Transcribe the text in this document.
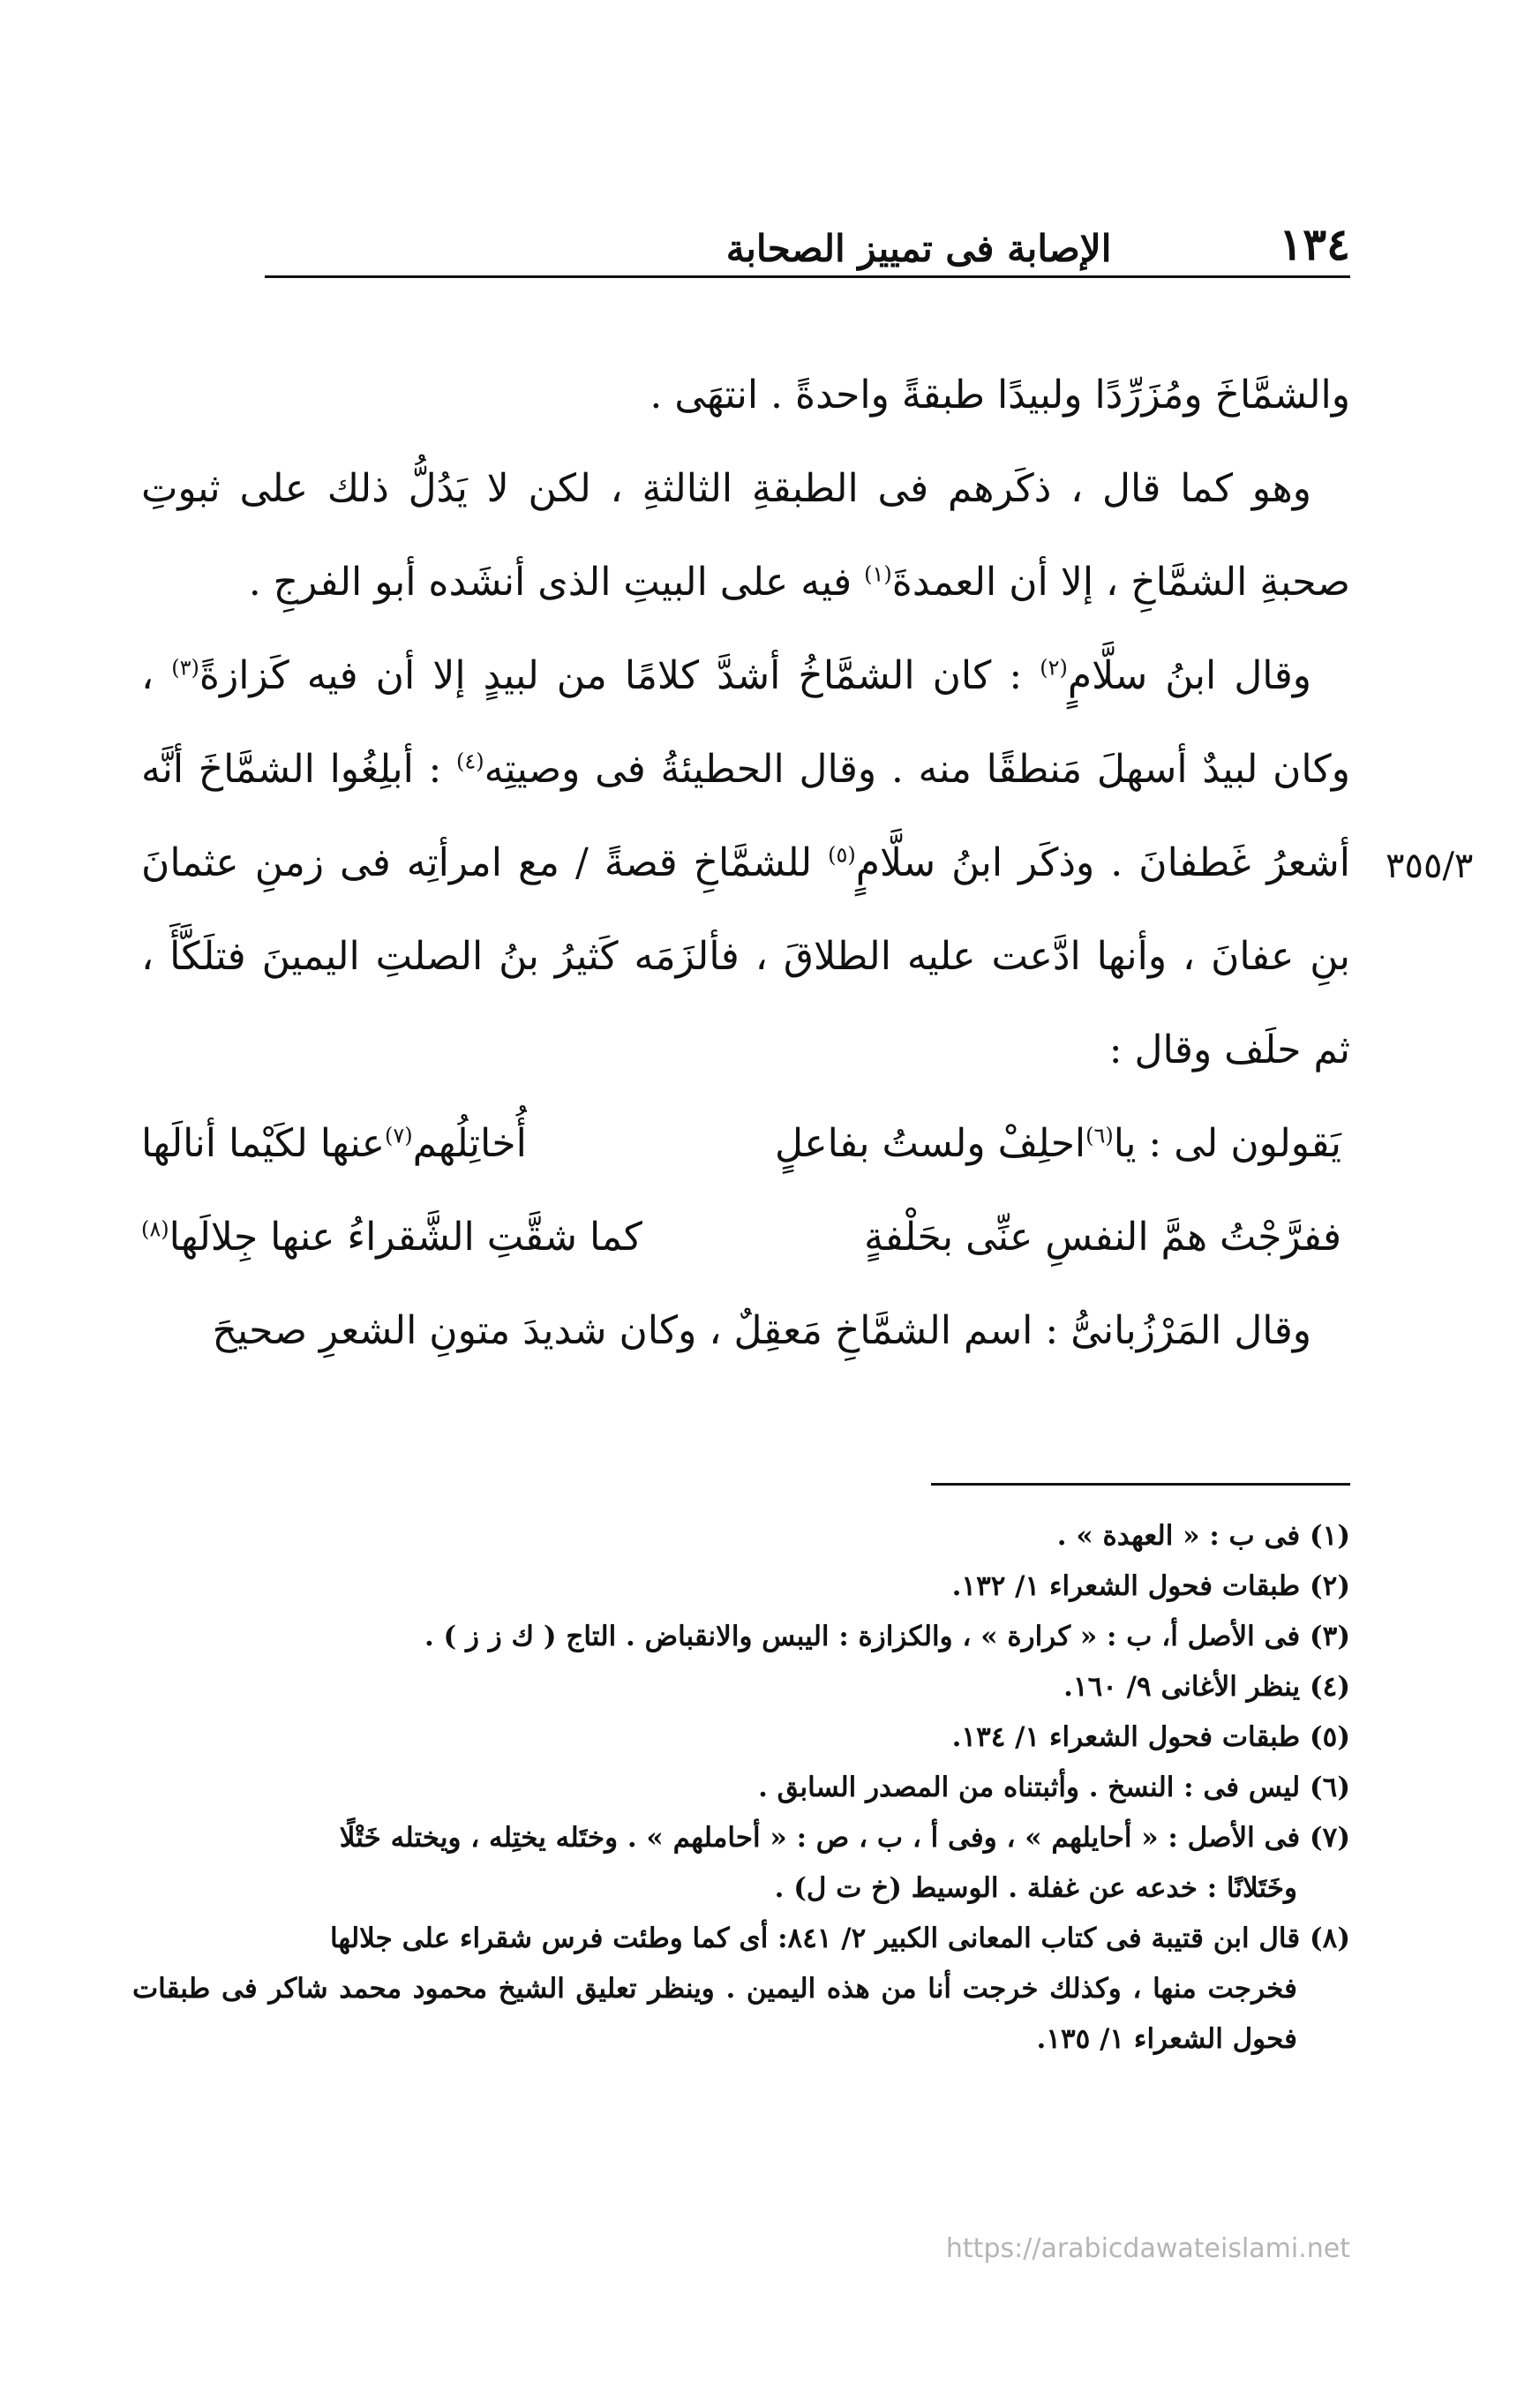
١٣٤
الإصابة فى تمييز الصحابة
٣٥٥/٣

والشمَّاخَ ومُزَرِّدًا ولبيدًا طبقةً واحدةً . انتهَى .

 وهو كما قال ، ذكَرهم فى الطبقةِ الثالثةِ ، لكن لا يَدُلُّ ذلك على ثبوتِ صحبةِ الشمَّاخِ ، إلا أن العمدةَ$^{(١)}$ فيه على البيتِ الذى أنشَده أبو الفرجِ .

 وقال ابنُ سلَّامٍ$^{(٢)}$ : كان الشمَّاخُ أشدَّ كلامًا من لبيدٍ إلا أن فيه كَزازةً$^{(٣)}$ ، وكان لبيدٌ أسهلَ مَنطقًا منه . وقال الحطيئةُ فى وصيتِه$^{(٤)}$ : أبلِغُوا الشمَّاخَ أنَّه أشعرُ غَطفانَ . وذكَر ابنُ سلَّامٍ$^{(٥)}$ للشمَّاخِ قصةً / مع امرأتِه فى زمنِ عثمانَ بنِ عفانَ ، وأنها ادَّعت عليه الطلاقَ ، فألزَمَه كَثيرُ بنُ الصلتِ اليمينَ فتلَكَّأَ ، ثم حلَف وقال :

يَقولون لى : يا$^{(٦)}$احلِفْ ولستُ بفاعلٍ
أُخاتِلُهم$^{(٧)}$عنها لكَيْما أنالَها
ففرَّجْتُ همَّ النفسِ عنِّى بحَلْفةٍ
كما شقَّتِ الشَّقراءُ عنها جِلالَها$^{(٨)}$

 وقال المَرْزُبانىُّ : اسم الشمَّاخِ مَعقِلٌ ، وكان شديدَ متونِ الشعرِ صحيحَ

(١) فى ب : « العهدة » .

(٢) طبقات فحول الشعراء ١/ ١٣٢.

(٣) فى الأصل أ، ب : « كرارة » ، والكزازة : اليبس والانقباض . التاج ( ك ز ز ) .

(٤) ينظر الأغانى ٩/ ١٦٠.

(٥) طبقات فحول الشعراء ١/ ١٣٤.

(٦) ليس فى : النسخ . وأثبتناه من المصدر السابق .

(٧) فى الأصل : « أحايلهم » ، وفى أ ، ب ، ص : « أحاملهم » . وختَله يختِله ، ويختله خَتْلًا
وخَتَلانًا : خدعه عن غفلة . الوسيط (خ ت ل) .

(٨) قال ابن قتيبة فى كتاب المعانى الكبير ٢/ ٨٤١: أى كما وطئت فرس شقراء على جلالها
فخرجت منها ، وكذلك خرجت أنا من هذه اليمين . وينظر تعليق الشيخ محمود محمد شاكر فى طبقات فحول الشعراء ١/ ١٣٥.

https://arabicdawateislami.net
